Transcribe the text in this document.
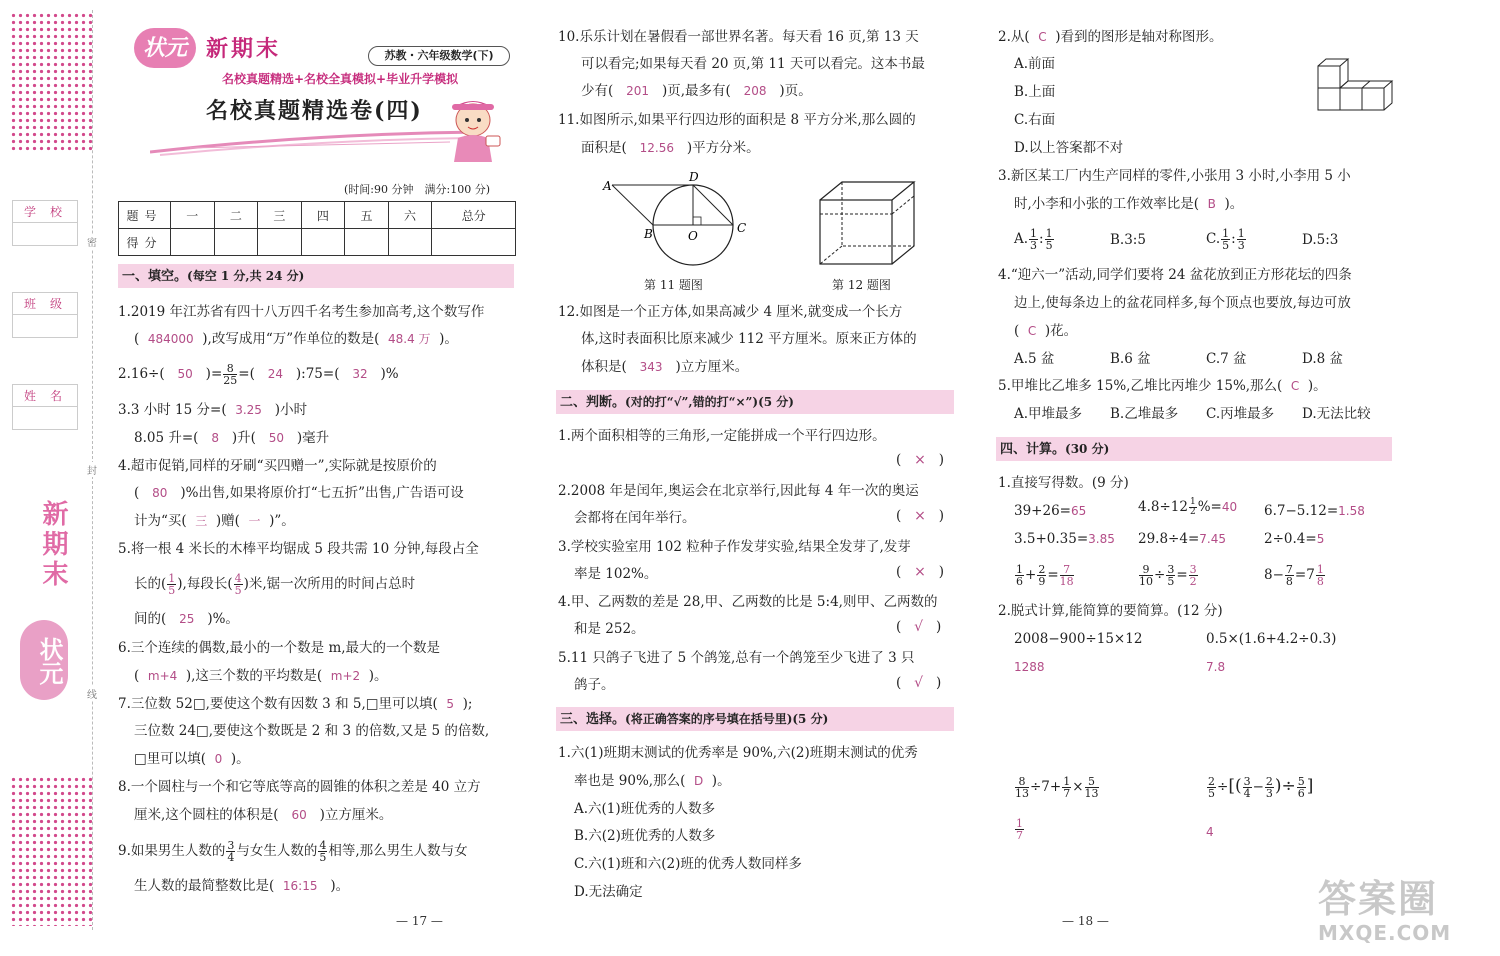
学校
班级
姓名
新期末
状元
密
封
线
状元 新期末	苏教・六年级数学(下)
名校真题精选+名校全真模拟+毕业升学模拟
名校真题精选卷(四)
(时间:90 分钟　满分:100 分)
题号	一	二	三	四	五	六	总分
得分							
一、填空。(每空 1 分,共 24 分)
1.2019 年江苏省有四十八万四千名考生参加高考,这个数写作
( 484000 ),改写成用“万”作单位的数是( 48.4 万 )。
2.16÷( 50 )= $\frac{8}{25}$ =( 24 ):75=( 32 )%
3.3 小时 15 分=( 3.25 )小时
8.05 升=( 8 )升( 50 )毫升
4.超市促销,同样的牙刷“买四赠一”,实际就是按原价的
( 80 )%出售,如果将原价打“七五折”出售,广告语可设
计为“买( 三 )赠( 一 )”。
5.将一根 4 米长的木棒平均锯成 5 段共需 10 分钟,每段占全
长的( $\frac{1}{5}$ ),每段长( $\frac{4}{5}$ )米,锯一次所用的时间占总时
间的( 25 )%。
6.三个连续的偶数,最小的一个数是 m,最大的一个数是
( m+4 ),这三个数的平均数是( m+2 )。
7.三位数 52□,要使这个数有因数 3 和 5,□里可以填( 5 );
三位数 24□,要使这个数既是 2 和 3 的倍数,又是 5 的倍数,
□里可以填( 0 )。
8.一个圆柱与一个和它等底等高的圆锥的体积之差是 40 立方
厘米,这个圆柱的体积是( 60 )立方厘米。
9.如果男生人数的 $\frac{3}{4}$ 与女生人数的 $\frac{4}{5}$ 相等,那么男生人数与女
生人数的最简整数比是( 16:15 )。
10.乐乐计划在暑假看一部世界名著。每天看 16 页,第 13 天
可以看完;如果每天看 20 页,第 11 天可以看完。这本书最
少有( 201 )页,最多有( 208 )页。
11.如图所示,如果平行四边形的面积是 8 平方分米,那么圆的
面积是( 12.56 )平方分米。
A
D
B	O
C
第 11 题图	第 12 题图
12.如图是一个正方体,如果高减少 4 厘米,就变成一个长方
体,这时表面积比原来减少 112 平方厘米。原来正方体的
体积是( 343 )立方厘米。
二、判断。(对的打“√”,错的打“×”)(5 分)
1.两个面积相等的三角形,一定能拼成一个平行四边形。
( × )
2.2008 年是闰年,奥运会在北京举行,因此每 4 年一次的奥运
会都将在闰年举行。	( × )
3.学校实验室用 102 粒种子作发芽实验,结果全发芽了,发芽
率是 102%。	( × )
4.甲、乙两数的差是 28,甲、乙两数的比是 5:4,则甲、乙两数的
和是 252。	( √ )
5.11 只鸽子飞进了 5 个鸽笼,总有一个鸽笼至少飞进了 3 只
鸽子。	( √ )
三、选择。(将正确答案的序号填在括号里)(5 分)
1.六(1)班期末测试的优秀率是 90%,六(2)班期末测试的优秀
率也是 90%,那么( D )。
A.六(1)班优秀的人数多
B.六(2)班优秀的人数多
C.六(1)班和六(2)班的优秀人数同样多
D.无法确定
2.从( C )看到的图形是轴对称图形。
A.前面
B.上面
C.右面
D.以上答案都不对
3.新区某工厂内生产同样的零件,小张用 3 小时,小李用 5 小
时,小李和小张的工作效率比是( B )。
A. $\frac{1}{3}$ : $\frac{1}{5}$	B.3:5	C. $\frac{1}{5}$ : $\frac{1}{3}$	D.5:3
4.“迎六一”活动,同学们要将 24 盆花放到正方形花坛的四条
边上,使每条边上的盆花同样多,每个顶点也要放,每边可放
( C )花。
A.5 盆	B.6 盆	C.7 盆	D.8 盆
5.甲堆比乙堆多 15%,乙堆比丙堆少 15%,那么( C )。
A.甲堆最多 B.乙堆最多 C.丙堆最多 D.无法比较
四、计算。(30 分)
1.直接写得数。(9 分)
39+26=65	$4.8\div 12 \frac{1}{2} \%=40$ 6.7−5.12=1.58
3.5+0.35=3.85 29.8÷4=7.45	2÷0.4=5
$\frac{1}{6} + \frac{2}{9} = \frac{7}{18}$	$\frac{9}{10} \div \frac{3}{5} = \frac{3}{2}$	$8- \frac{7}{8} =7 \frac{1}{8}$
2.脱式计算,能简算的要简算。(12 分)
2008−900÷15×12	0.5×(1.6+4.2÷0.3)
1288	7.8
$\frac{8}{13} \div 7+ \frac{1}{7} \times \frac{5}{13}$	$\frac{2}{5}$ ÷[( $\frac{3}{4} - \frac{2}{3}$ )÷ $\frac{5}{6}$ ]
$\frac{1}{7}$	4
— 17 —	— 18 —	答案圈
MXQE.COM
